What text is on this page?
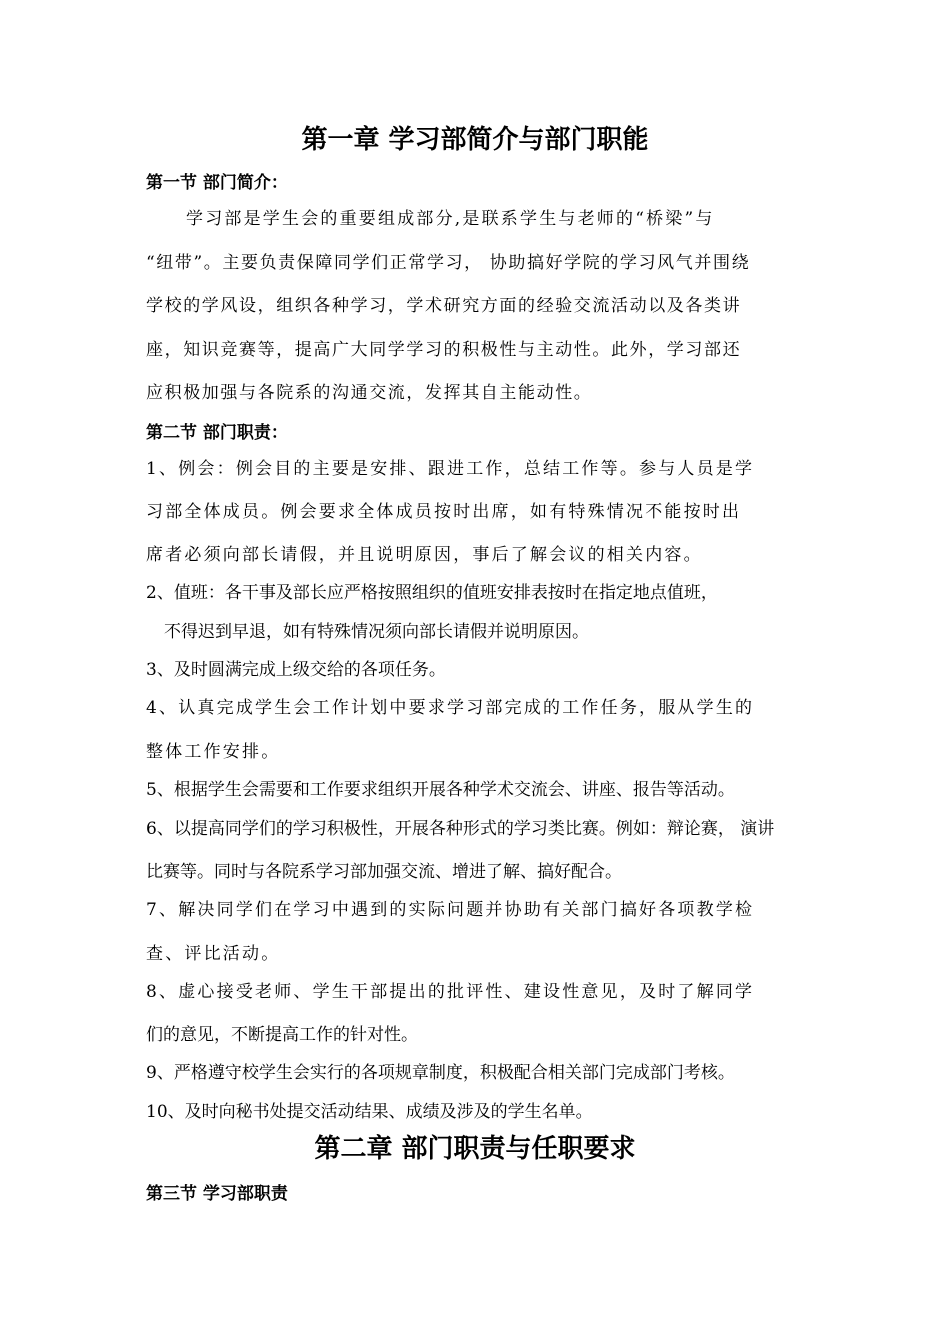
第一章 学习部简介与部门职能
第一节 部门简介：

学习部是学生会的重要组成部分,是联系学生与老师的“桥梁”与

“纽带”。主要负责保障同学们正常学习， 协助搞好学院的学习风气并围绕

学校的学风设，组织各种学习，学术研究方面的经验交流活动以及各类讲

座，知识竞赛等，提高广大同学学习的积极性与主动性。此外，学习部还

应积极加强与各院系的沟通交流，发挥其自主能动性。

第二节 部门职责：

1、例会：例会目的主要是安排、跟进工作，总结工作等。参与人员是学

习部全体成员。例会要求全体成员按时出席，如有特殊情况不能按时出

席者必须向部长请假，并且说明原因，事后了解会议的相关内容。

2、值班：各干事及部长应严格按照组织的值班安排表按时在指定地点值班，

不得迟到早退，如有特殊情况须向部长请假并说明原因。

3、及时圆满完成上级交给的各项任务。

4、认真完成学生会工作计划中要求学习部完成的工作任务，服从学生的

整体工作安排。

5、根据学生会需要和工作要求组织开展各种学术交流会、讲座、报告等活动。

6、以提高同学们的学习积极性，开展各种形式的学习类比赛。例如：辩论赛， 演讲

比赛等。同时与各院系学习部加强交流、增进了解、搞好配合。

7、解决同学们在学习中遇到的实际问题并协助有关部门搞好各项教学检

查、评比活动。

8、虚心接受老师、学生干部提出的批评性、建设性意见，及时了解同学

们的意见，不断提高工作的针对性。

9、严格遵守校学生会实行的各项规章制度，积极配合相关部门完成部门考核。

10、及时向秘书处提交活动结果、成绩及涉及的学生名单。

第二章 部门职责与任职要求
第三节 学习部职责
